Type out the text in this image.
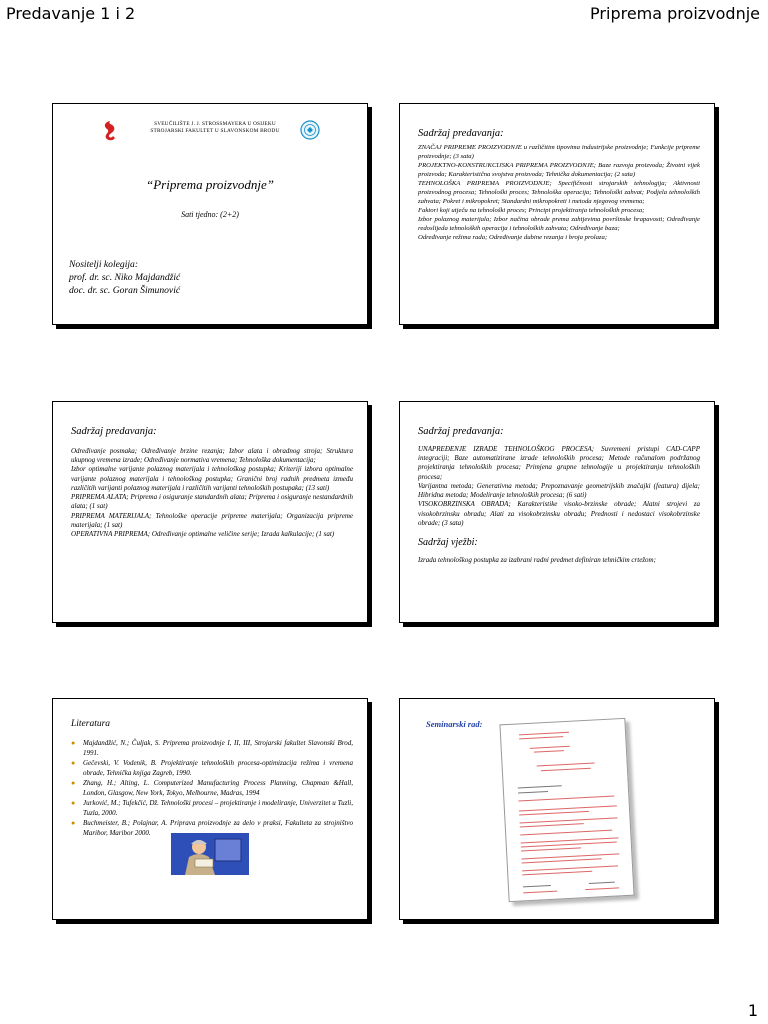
Predavanje 1 i 2	Priprema proizvodnje
SVEUČILIŠTE J. J. STROSSMAYERA U OSIJEKU
STROJARSKI FAKULTET U SLAVONSKOM BRODU
“Priprema proizvodnje”
Sati tjedno: (2+2)
Nositelji kolegija:
prof. dr. sc. Niko Majdandžić
doc. dr. sc. Goran Šimunović
Sadržaj predavanja:
ZNAČAJ PRIPREME PROIZVODNJE u različitim tipovima industrijske proizvodnje; Funkcije pripreme proizvodnje; (3 sata)
PROJEKTNO-KONSTRUKCIJSKA PRIPREMA PROIZVODNJE; Baze razvoja proizvoda; Životni vijek proizvoda; Karakteristična svojstva proizvoda; Tehnička dokumentacija; (2 sata)
TEHNOLOŠKA PRIPREMA PROIZVODNJE; Specifičnosti strojarskih tehnologija; Aktivnosti proizvodnog procesa; Tehnološki proces; Tehnološka operacija; Tehnološki zahvat; Podjela tehnoloških zahvata; Pokret i mikropokret; Standardni mikropokreti i metoda njegovog vremena;
Faktori koji utječu na tehnološki proces; Principi projektiranja tehnoloških procesa;
Izbor polaznog materijala; Izbor načina obrade prema zahtjevima površinske hrapavosti; Određivanje redoslijeda tehnoloških operacija i tehnoloških zahvata; Određivanje baza;
Određivanje režima rada; Određivanje dubine rezanja i broja prolaza;
Sadržaj predavanja:
Određivanje posmaka; Određivanje brzine rezanja; Izbor alata i obradnog stroja; Struktura ukupnog vremena izrade; Određivanje normativa vremena; Tehnološka dokumentacija;
Izbor optimalne varijante polaznog materijala i tehnološkog postupka; Kriteriji izbora optimalne varijante polaznog materijala i tehnološkog postupka; Granični broj radnih predmeta između različitih varijanti polaznog materijala i različitih varijanti tehnoloških postupaka; (13 sati)
PRIPREMA ALATA; Priprema i osiguranje standardnih alata; Priprema i osiguranje nestandardnih alata; (1 sat)
PRIPREMA MATERIJALA; Tehnološke operacije pripreme materijala; Organizacija pripreme materijala; (1 sat)
OPERATIVNA PRIPREMA; Određivanje optimalne veličine serije; Izrada kalkulacije; (1 sat)
Sadržaj predavanja:
UNAPREĐENJE IZRADE TEHNOLOŠKOG PROCESA; Suvremeni pristupi CAD-CAPP integraciji; Baze automatizirane izrade tehnoloških procesa; Metode računalom podržanog projektiranja tehnoloških procesa; Primjena grupne tehnologije u projektiranju tehnoloških procesa;
Varijantna metoda; Generativna metoda; Prepoznavanje geometrijskih značajki (featura) dijela; Hibridna metoda; Modeliranje tehnoloških procesa; (6 sati)
VISOKOBRZINSKA OBRADA; Karakteristike visoko-brzinske obrade; Alatni strojevi za visokobrzinsku obradu; Alati za visokobrzinsku obradu; Prednosti i nedostaci visokobrzinske obrade; (3 sata)
Sadržaj vježbi:
Izrada tehnološkog postupka za izabrani radni predmet definiran tehničkim crtežom;
Literatura
● Majdandžić, N.; Čuljak, S. Priprema proizvodnje I, II, III, Strojarski fakultet Slavonski Brod, 1991.
● Gečevski, V. Vodenik, B. Projektiranje tehnoloških procesa-optimizacija režima i vremena obrade, Tehnička knjiga Zagreb, 1990.
● Zhang, H.; Alting, L. Computerized Manufacturing Process Planning, Chapman &Hall, London, Glasgow, New York, Tokyo, Melbourne, Madras, 1994
● Jurković, M.; Tufekčić, Dž. Tehnološki procesi – projektiranje i modeliranje, Univerzitet u Tuzli, Tuzla, 2000.
● Buchmeister, B.; Polajnar, A. Priprava proizvodnje za delo v praksi, Fakulteta za strojništvo Maribor, Maribor 2000.
Seminarski rad:
1
